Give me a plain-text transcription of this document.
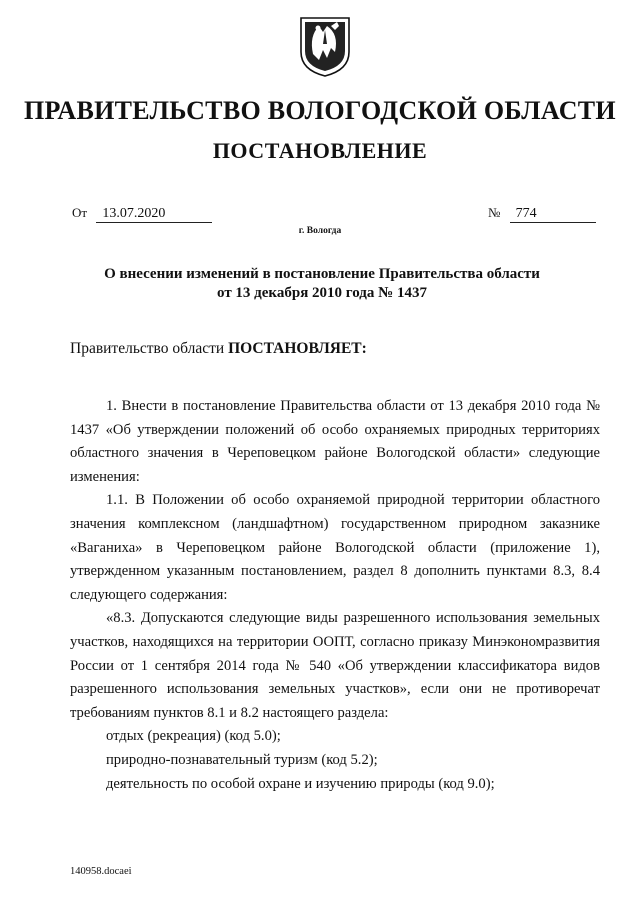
ПРАВИТЕЛЬСТВО ВОЛОГОДСКОЙ ОБЛАСТИ
ПОСТАНОВЛЕНИЕ
От 13.07.2020	№ 774
г. Вологда
О внесении изменений в постановление Правительства области
от 13 декабря 2010 года № 1437
Правительство области ПОСТАНОВЛЯЕТ:

1. Внести в постановление Правительства области от 13 декабря 2010 года № 1437 «Об утверждении положений об особо охраняемых природных территориях областного значения в Череповецком районе Вологодской области» следующие изменения:

1.1. В Положении об особо охраняемой природной территории областного значения комплексном (ландшафтном) государственном природном заказнике «Ваганиха» в Череповецком районе Вологодской области (приложение 1), утвержденном указанным постановлением, раздел 8 дополнить пунктами 8.3, 8.4 следующего содержания:

«8.3. Допускаются следующие виды разрешенного использования земельных участков, находящихся на территории ООПТ, согласно приказу Минэкономразвития России от 1 сентября 2014 года № 540 «Об утверждении классификатора видов разрешенного использования земельных участков», если они не противоречат требованиям пунктов 8.1 и 8.2 настоящего раздела:

отдых (рекреация) (код 5.0);

природно-познавательный туризм (код 5.2);

деятельность по особой охране и изучению природы (код 9.0);

140958.docaei
